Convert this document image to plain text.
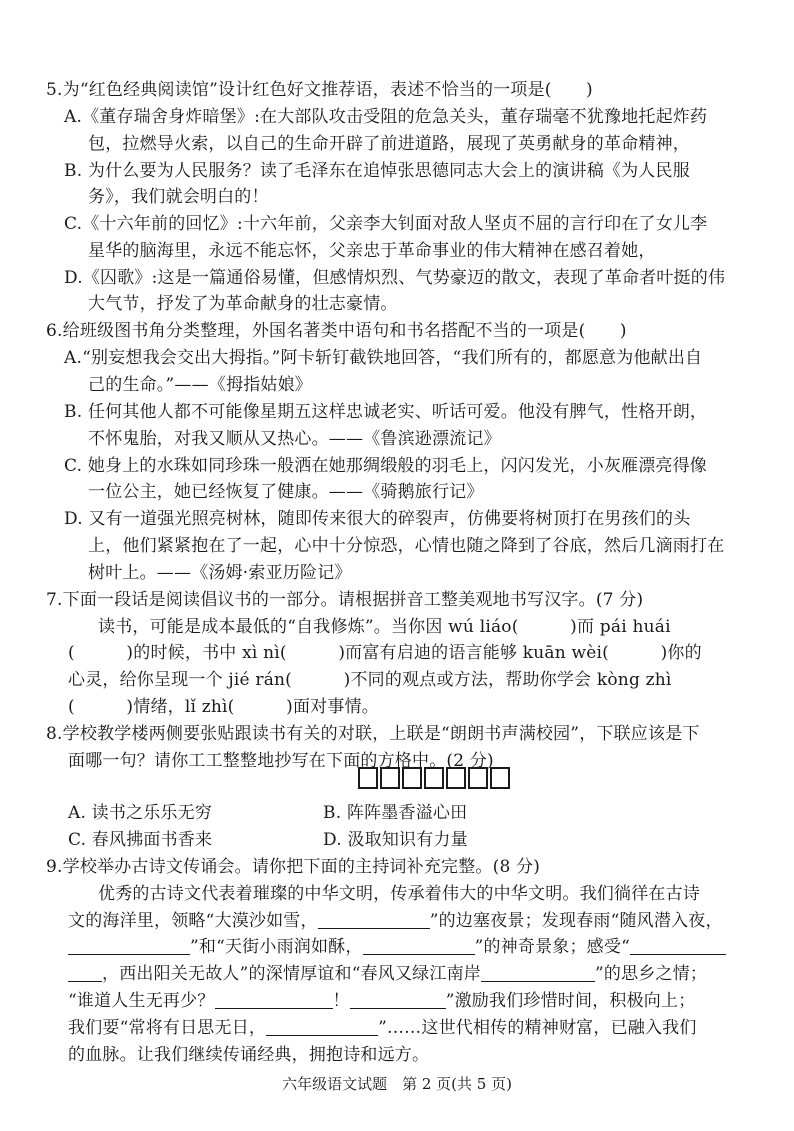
5.为“红色经典阅读馆”设计红色好文推荐语，表述不恰当的一项是(　　)
A.《董存瑞舍身炸暗堡》:在大部队攻击受阻的危急关头，董存瑞毫不犹豫地托起炸药
包，拉燃导火索，以自己的生命开辟了前进道路，展现了英勇献身的革命精神，
B. 为什么要为人民服务？读了毛泽东在追悼张思德同志大会上的演讲稿《为人民服
务》，我们就会明白的！
C.《十六年前的回忆》:十六年前，父亲李大钊面对敌人坚贞不屈的言行印在了女儿李
星华的脑海里，永远不能忘怀，父亲忠于革命事业的伟大精神在感召着她，
D.《囚歌》:这是一篇通俗易懂，但感情炽烈、气势豪迈的散文，表现了革命者叶挺的伟
大气节，抒发了为革命献身的壮志豪情。
6.给班级图书角分类整理，外国名著类中语句和书名搭配不当的一项是(　　)
A.“别妄想我会交出大拇指。”阿卡斩钉截铁地回答，“我们所有的，都愿意为他献出自
己的生命。”——《拇指姑娘》
B. 任何其他人都不可能像星期五这样忠诚老实、听话可爱。他没有脾气，性格开朗，
不怀鬼胎，对我又顺从又热心。——《鲁滨逊漂流记》
C. 她身上的水珠如同珍珠一般洒在她那绸缎般的羽毛上，闪闪发光，小灰雁漂亮得像
一位公主，她已经恢复了健康。——《骑鹅旅行记》
D. 又有一道强光照亮树林，随即传来很大的碎裂声，仿佛要将树顶打在男孩们的头
上，他们紧紧抱在了一起，心中十分惊恐，心情也随之降到了谷底，然后几滴雨打在
树叶上。——《汤姆·索亚历险记》
7.下面一段话是阅读倡议书的一部分。请根据拼音工整美观地书写汉字。(7 分)
读书，可能是成本最低的“自我修炼”。当你因 wú liáo(　　　)而 pái huái
(　　　)的时候，书中 xì nì(　　　)而富有启迪的语言能够 kuān wèi(　　　)你的
心灵，给你呈现一个 jié rán(　　　)不同的观点或方法，帮助你学会 kòng zhì
(　　　)情绪，lǐ zhì(　　　)面对事情。
8.学校教学楼两侧要张贴跟读书有关的对联，上联是“朗朗书声满校园”，下联应该是下
面哪一句？请你工工整整地抄写在下面的方格中。(2 分)
A. 读书之乐乐无穷	B. 阵阵墨香溢心田
C. 春风拂面书香来	D. 汲取知识有力量
9.学校举办古诗文传诵会。请你把下面的主持词补充完整。(8 分)
优秀的古诗文代表着璀璨的中华文明，传承着伟大的中华文明。我们徜徉在古诗
文的海洋里，领略“大漠沙如雪，	”的边塞夜景；发现春雨“随风潜入夜，
”和“天街小雨润如酥，	”的神奇景象；感受“
，西出阳关无故人”的深情厚谊和“春风又绿江南岸	”的思乡之情；
“谁道人生无再少？	！	”激励我们珍惜时间，积极向上；
我们要“常将有日思无日，	”……这世代相传的精神财富，已融入我们
的血脉。让我们继续传诵经典，拥抱诗和远方。
六年级语文试题　第 2 页(共 5 页)
